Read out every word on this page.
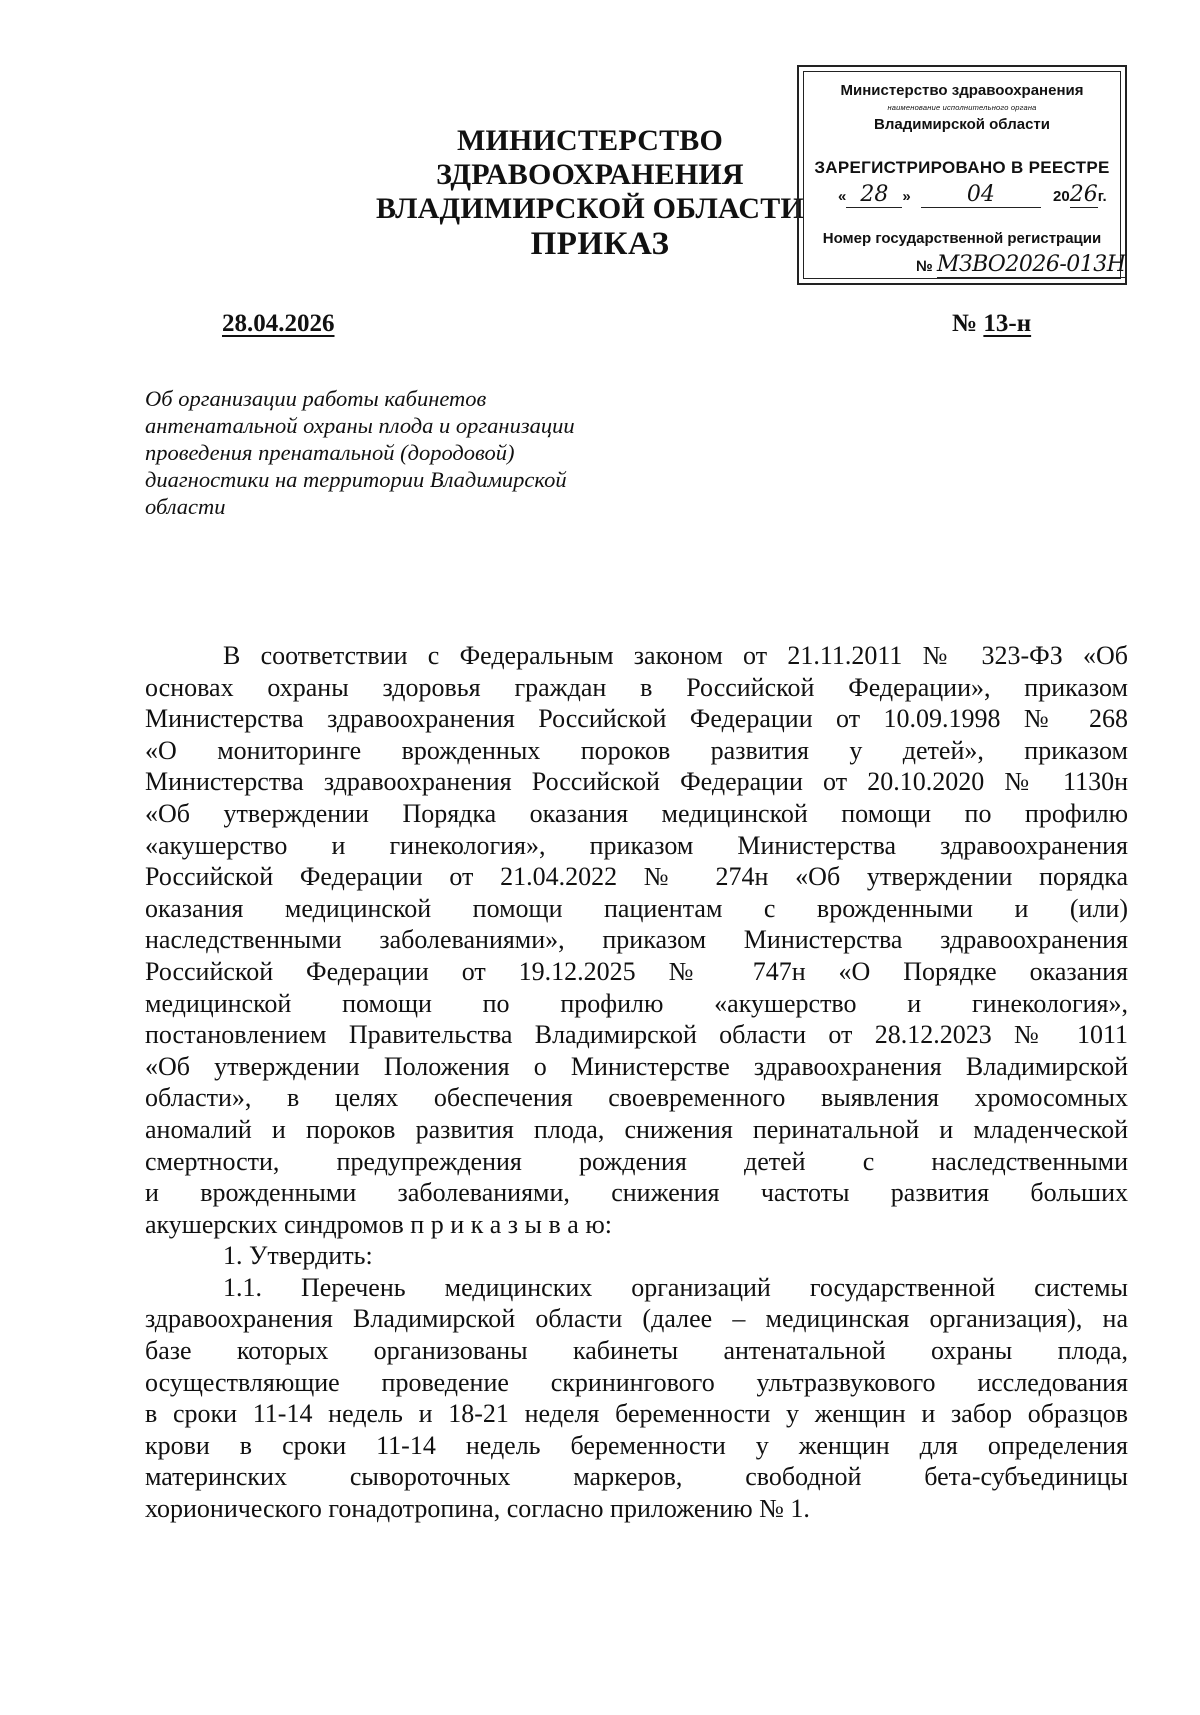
МИНИСТЕРСТВО ЗДРАВООХРАНЕНИЯ
ВЛАДИМИРСКОЙ ОБЛАСТИ
ПРИКАЗ
28.04.2026	№ 13-н
Министерство здравоохранения
наименование исполнительного органа
Владимирской области
ЗАРЕГИСТРИРОВАНО В РЕЕСТРЕ
« 28 »	04	2026г.
Номер государственной регистрации
№ МЗВО2026-013Н
Об организации работы кабинетов
антенатальной охраны плода и организации
проведения пренатальной (дородовой)
диагностики на территории Владимирской
области
В соответствии с Федеральным законом от 21.11.2011 № 323-ФЗ «Об
основах охраны здоровья граждан в Российской Федерации», приказом
Министерства здравоохранения Российской Федерации от 10.09.1998 № 268
«О мониторинге врожденных пороков развития у детей», приказом
Министерства здравоохранения Российской Федерации от 20.10.2020 № 1130н
«Об утверждении Порядка оказания медицинской помощи по профилю
«акушерство и гинекология», приказом Министерства здравоохранения
Российской Федерации от 21.04.2022 № 274н «Об утверждении порядка
оказания медицинской помощи пациентам с врожденными и (или)
наследственными заболеваниями», приказом Министерства здравоохранения
Российской Федерации от 19.12.2025 № 747н «О Порядке оказания
медицинской помощи по профилю «акушерство и гинекология»,
постановлением Правительства Владимирской области от 28.12.2023 № 1011
«Об утверждении Положения о Министерстве здравоохранения Владимирской
области», в целях обеспечения своевременного выявления хромосомных
аномалий и пороков развития плода, снижения перинатальной и младенческой
смертности, предупреждения рождения детей с наследственными
и врожденными заболеваниями, снижения частоты развития больших
акушерских синдромов п р и к а з ы в а ю:
1. Утвердить:
1.1. Перечень медицинских организаций государственной системы
здравоохранения Владимирской области (далее – медицинская организация), на
базе которых организованы кабинеты антенатальной охраны плода,
осуществляющие проведение скринингового ультразвукового исследования
в сроки 11-14 недель и 18-21 неделя беременности у женщин и забор образцов
крови в сроки 11-14 недель беременности у женщин для определения
материнских сывороточных маркеров, свободной бета-субъединицы
хорионического гонадотропина, согласно приложению № 1.
